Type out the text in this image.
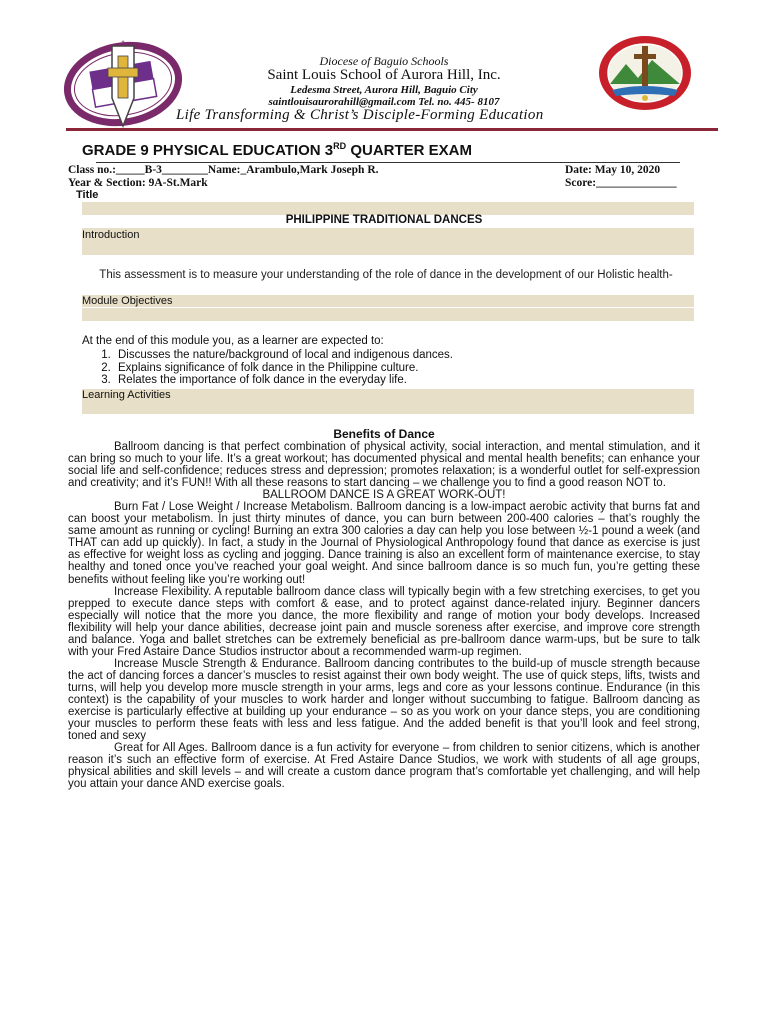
✝
Diocese of Baguio Schools
Saint Louis School of Aurora Hill, Inc.
Ledesma Street, Aurora Hill, Baguio City
saintlouisaurorahill@gmail.com Tel. no. 445- 8107
Life Transforming & Christ’s Disciple-Forming Education
GRADE 9 PHYSICAL EDUCATION 3RD QUARTER EXAM
Class no.:_____B-3________Name:_Arambulo,Mark Joseph R.	Date: May 10, 2020
Year & Section: 9A-St.Mark	Score:______________
Title
PHILIPPINE TRADITIONAL DANCES
Introduction
This assessment is to measure your understanding of the role of dance in the development of our Holistic health-
Module Objectives
At the end of this module you, as a learner are expected to:
1. Discusses the nature/background of local and indigenous dances.
2. Explains significance of folk dance in the Philippine culture.
3. Relates the importance of folk dance in the everyday life.
Learning Activities
Benefits of Dance

Ballroom dancing is that perfect combination of physical activity, social interaction, and mental stimulation, and it can bring so much to your life. It’s a great workout; has documented physical and mental health benefits; can enhance your social life and self-confidence; reduces stress and depression; promotes relaxation; is a wonderful outlet for self-expression and creativity; and it’s FUN!! With all these reasons to start dancing – we challenge you to find a good reason NOT to.

BALLROOM DANCE IS A GREAT WORK-OUT!

Burn Fat / Lose Weight / Increase Metabolism. Ballroom dancing is a low-impact aerobic activity that burns fat and can boost your metabolism. In just thirty minutes of dance, you can burn between 200-400 calories – that’s roughly the same amount as running or cycling! Burning an extra 300 calories a day can help you lose between ½-1 pound a week (and THAT can add up quickly). In fact, a study in the Journal of Physiological Anthropology found that dance as exercise is just as effective for weight loss as cycling and jogging. Dance training is also an excellent form of maintenance exercise, to stay healthy and toned once you’ve reached your goal weight. And since ballroom dance is so much fun, you’re getting these benefits without feeling like you’re working out!

Increase Flexibility. A reputable ballroom dance class will typically begin with a few stretching exercises, to get you prepped to execute dance steps with comfort & ease, and to protect against dance-related injury. Beginner dancers especially will notice that the more you dance, the more flexibility and range of motion your body develops. Increased flexibility will help your dance abilities, decrease joint pain and muscle soreness after exercise, and improve core strength and balance. Yoga and ballet stretches can be extremely beneficial as pre-ballroom dance warm-ups, but be sure to talk with your Fred Astaire Dance Studios instructor about a recommended warm-up regimen.

Increase Muscle Strength & Endurance. Ballroom dancing contributes to the build-up of muscle strength because the act of dancing forces a dancer’s muscles to resist against their own body weight. The use of quick steps, lifts, twists and turns, will help you develop more muscle strength in your arms, legs and core as your lessons continue. Endurance (in this context) is the capability of your muscles to work harder and longer without succumbing to fatigue. Ballroom dancing as exercise is particularly effective at building up your endurance – so as you work on your dance steps, you are conditioning your muscles to perform these feats with less and less fatigue. And the added benefit is that you’ll look and feel strong, toned and sexy

Great for All Ages. Ballroom dance is a fun activity for everyone – from children to senior citizens, which is another reason it’s such an effective form of exercise. At Fred Astaire Dance Studios, we work with students of all age groups, physical abilities and skill levels – and will create a custom dance program that’s comfortable yet challenging, and will help you attain your dance AND exercise goals.
